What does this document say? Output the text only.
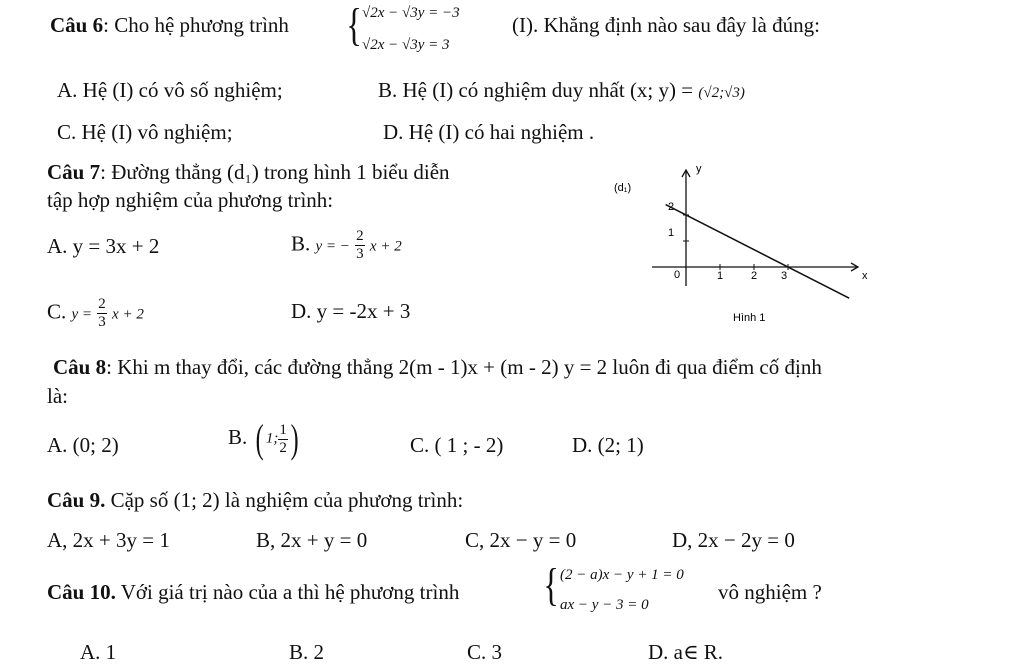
Câu 6: Cho hệ phương trình { √2x − √3y = −3
√2x − √3y = 3
(I). Khẳng định nào sau đây là đúng:
A. Hệ (I) có vô số nghiệm;	B. Hệ (I) có nghiệm duy nhất (x; y) = (√2;√3)
C. Hệ (I) vô nghiệm;	D. Hệ (I) có hai nghiệm .
Câu 7: Đường thẳng (d₁) trong hình 1 biểu diễn
tập hợp nghiệm của phương trình:
A. y = 3x + 2	B. y = − $\frac{2}{3}$ x + 2
C. $y = \frac{2}{3}$ x + 2	D. y = -2x + 3
(d₁)
x
y
0	1	2 3
1
2
Hình 1
Câu 8: Khi m thay đổi, các đường thẳng 2(m - 1)x + (m - 2) y = 2 luôn đi qua điểm cố định
là:
A. (0; 2)	B. ( 1; $\frac{1}{2}$ )	C. ( 1 ; - 2)	D. (2; 1)
Câu 9. Cặp số (1; 2) là nghiệm của phương trình:
A, 2x + 3y = 1	B, 2x + y = 0	C, 2x − y = 0	D, 2x − 2y = 0
Câu 10. Với giá trị nào của a thì hệ phương trình { (2 − a)x − y + 1 = 0
ax − y − 3 = 0
vô nghiệm ?
A. 1	B. 2	C. 3	D. a∈ R.
